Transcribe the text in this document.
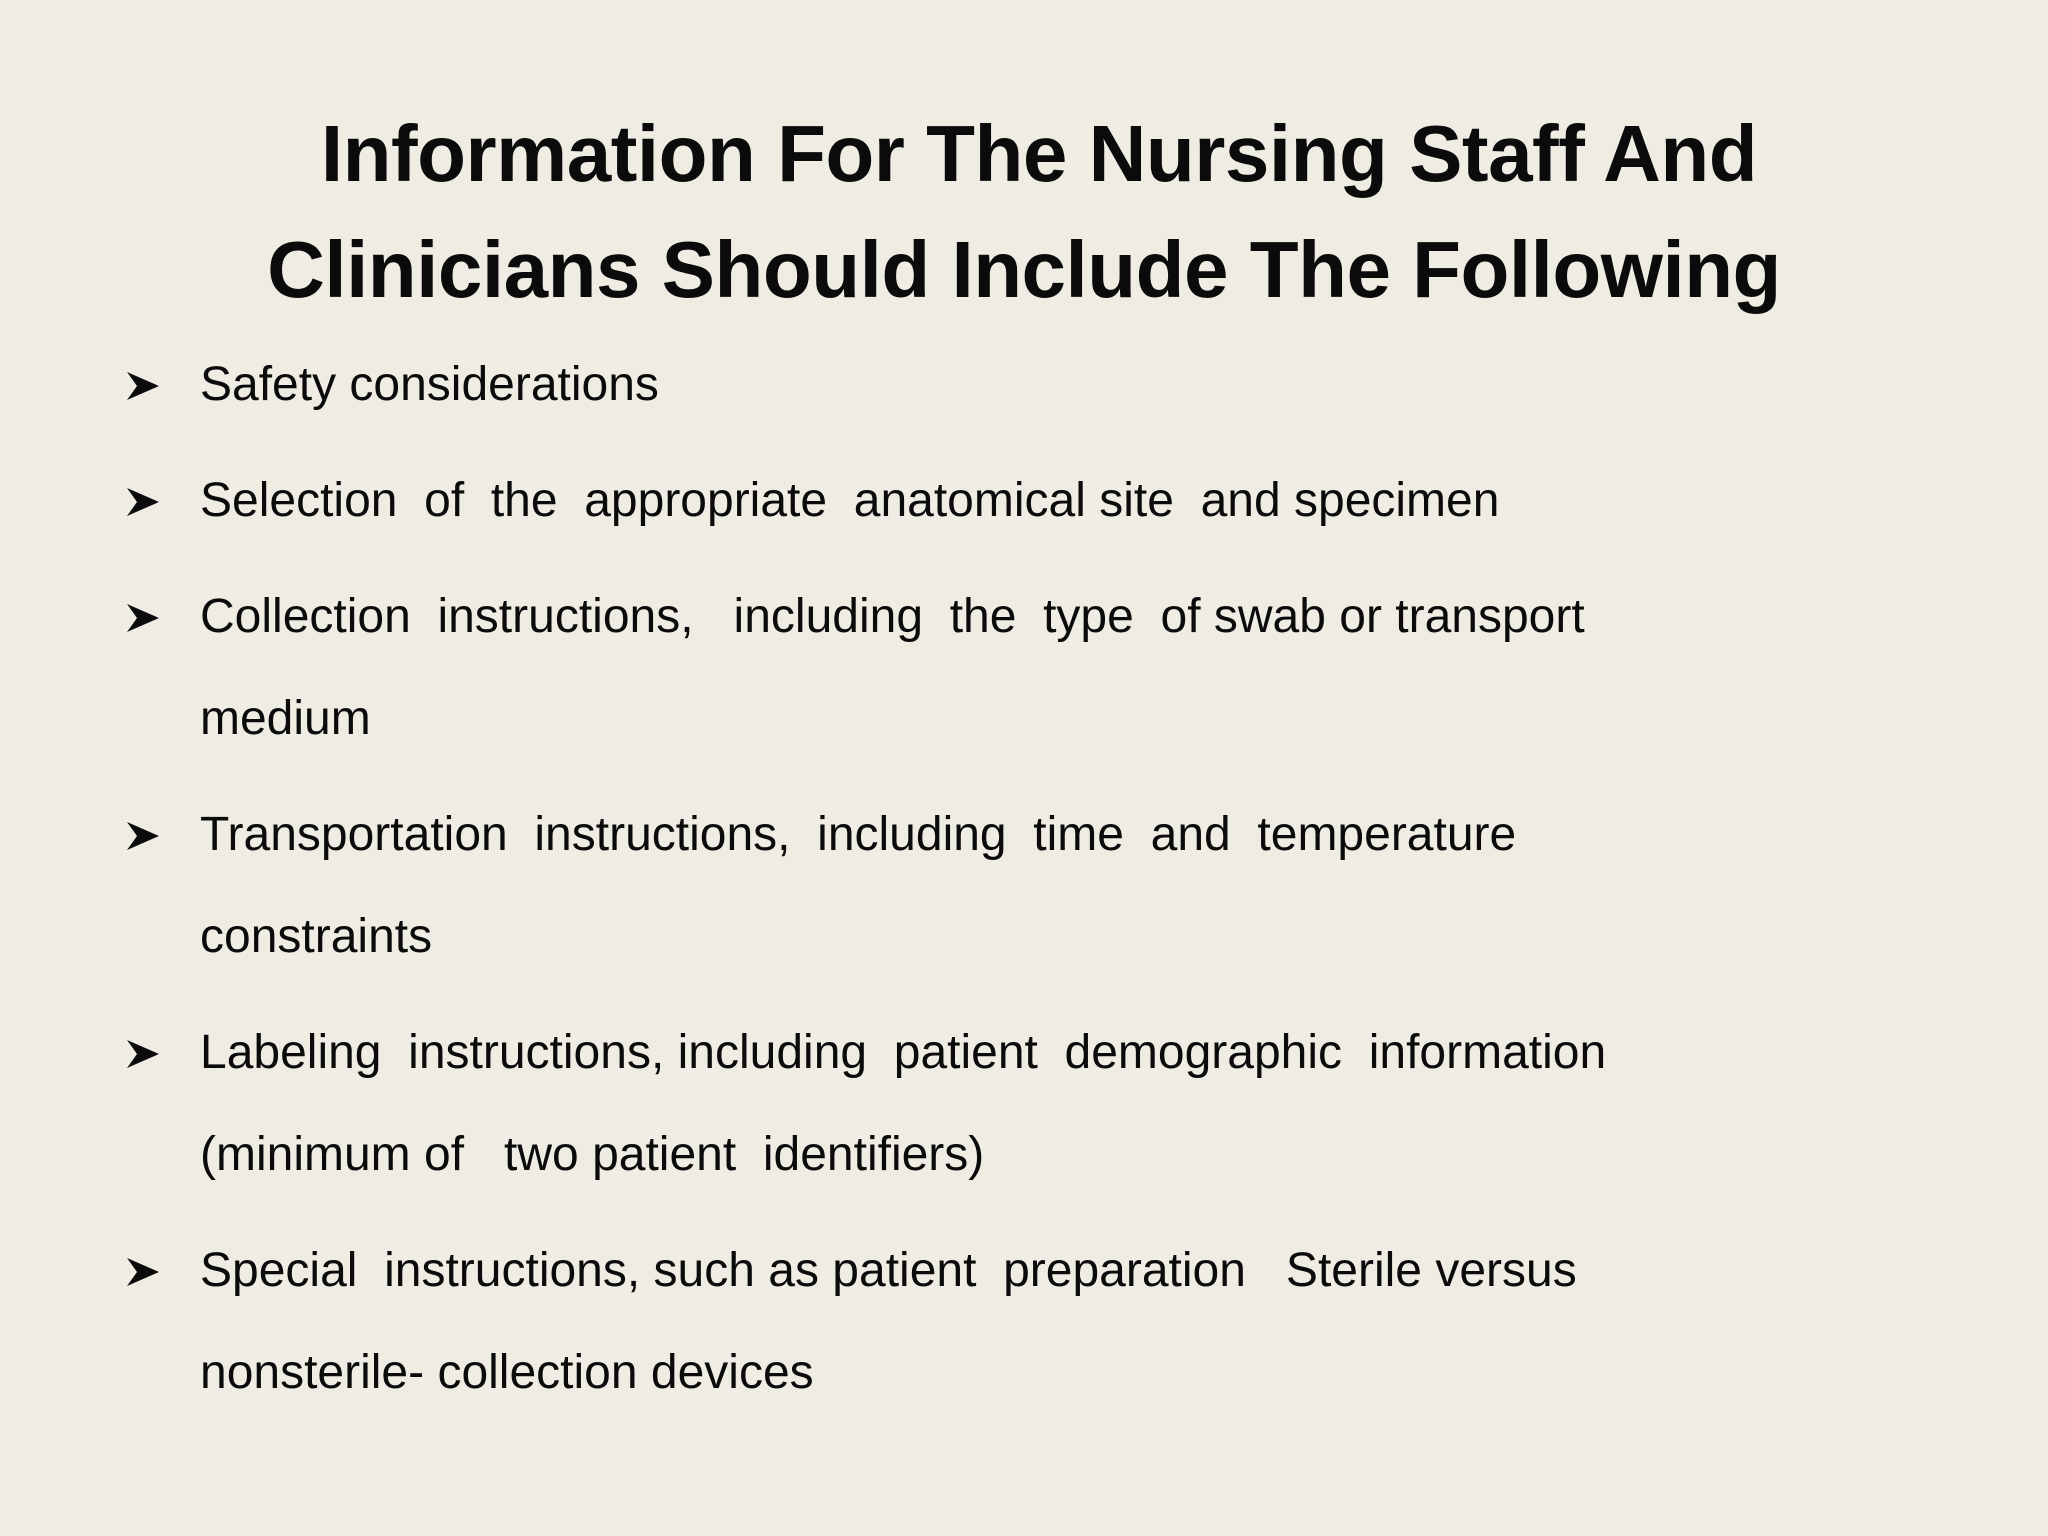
Information For The Nursing Staff And
Clinicians Should Include The Following
Safety considerations
Selection  of  the  appropriate  anatomical site  and specimen
Collection  instructions,   including  the  type  of swab or transport
medium
Transportation  instructions,  including  time  and  temperature
constraints
Labeling  instructions, including  patient  demographic  information
(minimum of   two patient  identifiers)
Special  instructions, such as patient  preparation   Sterile versus
nonsterile- collection devices
